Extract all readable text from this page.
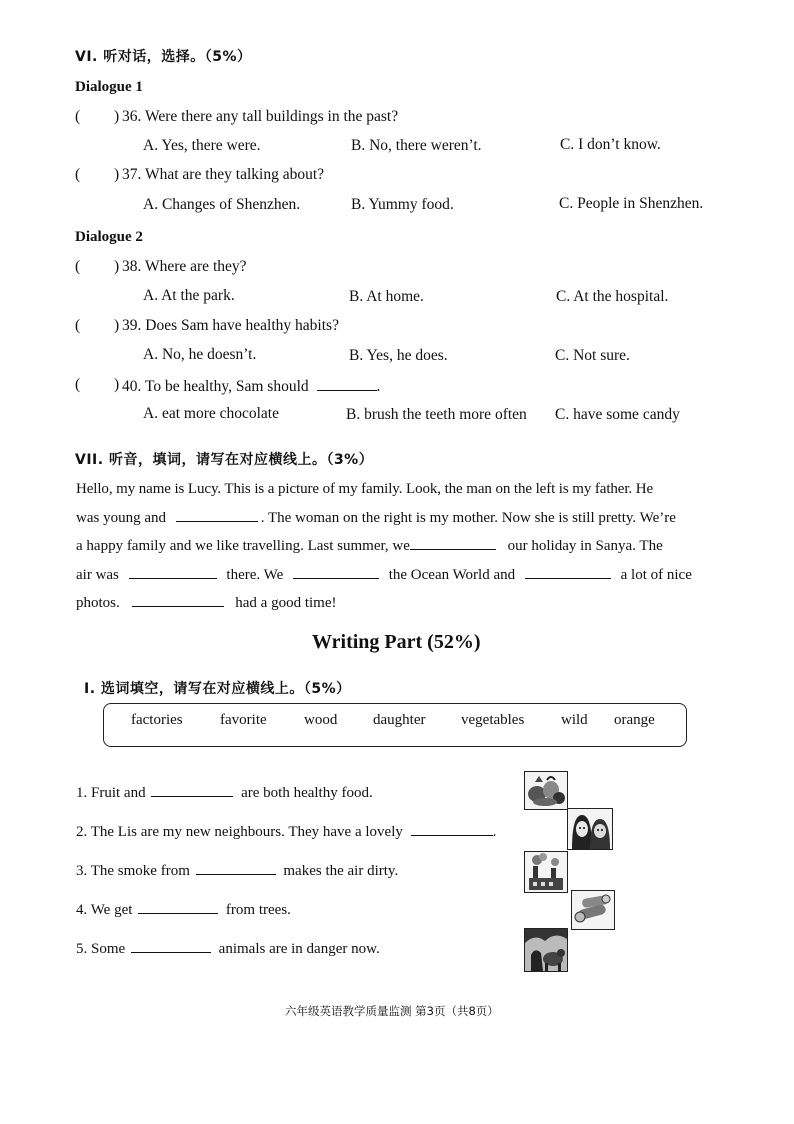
VI. 听对话，选择。（5%）
Dialogue 1
( ) 36. Were there any tall buildings in the past?
A. Yes, there were.	B. No, there weren’t.	C. I don’t know.
( ) 37. What are they talking about?
A. Changes of Shenzhen.	B. Yummy food.	C. People in Shenzhen.
Dialogue 2
( ) 38. Where are they?
A. At the park.	B. At home.	C. At the hospital.
( ) 39. Does Sam have healthy habits?
A. No, he doesn’t.	B. Yes, he does.	C. Not sure.
( ) 40. To be healthy, Sam should	.
A. eat more chocolate	B. brush the teeth more often C. have some candy
VII. 听音，填词，请写在对应横线上。（3%）
Hello, my name is Lucy. This is a picture of my family. Look, the man on the left is my father. He
was young and	. The woman on the right is my mother. Now she is still pretty. We’re
a happy family and we like travelling. Last summer, we	our holiday in Sanya. The
air was	there. We	the Ocean World and	a lot of nice
photos.	had a good time!
Writing Part (52%)
I. 选词填空，请写在对应横线上。（5%）
factories favorite wood daughter vegetables wild orange
1. Fruit and	are both healthy food.
2. The Lis are my new neighbours. They have a lovely	.
3. The smoke from	makes the air dirty.
4. We get	from trees.
5. Some	animals are in danger now.
六年级英语教学质量监测 第3页（共8页）
